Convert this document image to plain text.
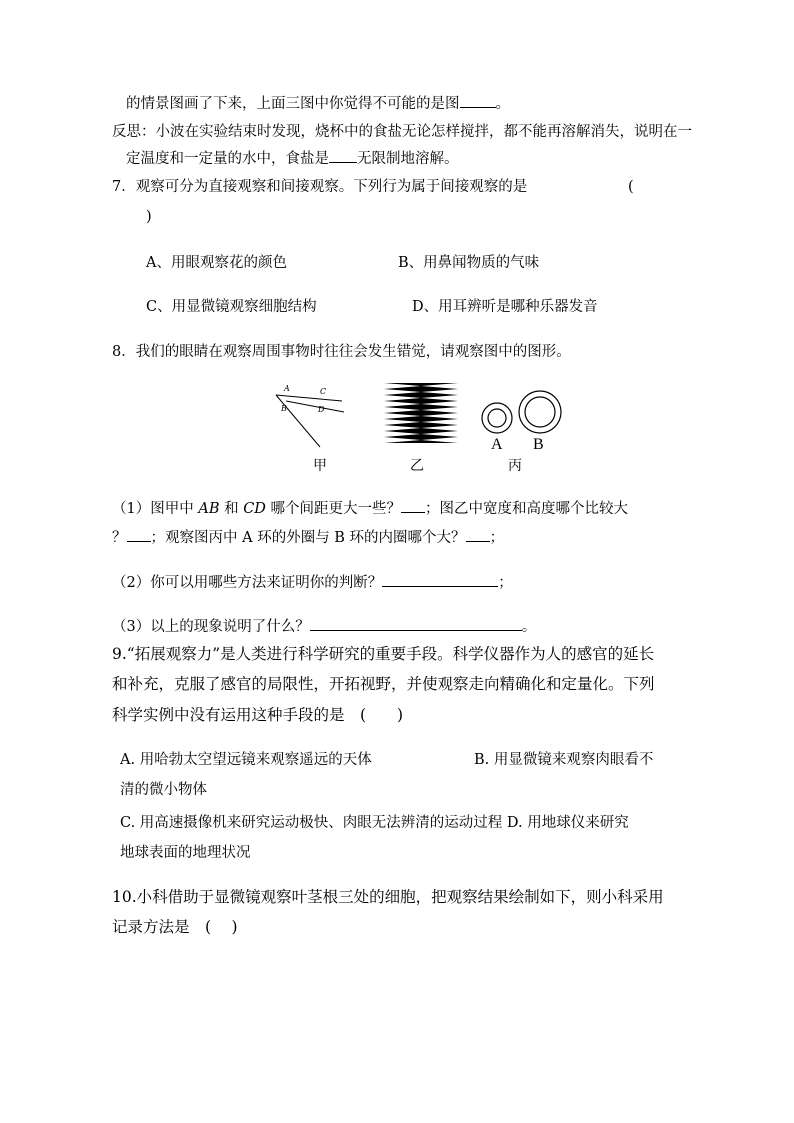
的情景图画了下来，上面三图中你觉得不可能的是图 。
反思：小波在实验结束时发现，烧杯中的食盐无论怎样搅拌，都不能再溶解消失，说明在一
定温度和一定量的水中，食盐是 无限制地溶解。
7．观察可分为直接观察和间接观察。下列行为属于间接观察的是	(
)
A、用眼观察花的颜色	B、用鼻闻物质的气味
C、用显微镜观察细胞结构	D、用耳辨听是哪种乐器发音
8．我们的眼睛在观察周围事物时往往会发生错觉，请观察图中的图形。
A
B
C
D
A B
甲	乙	丙
（1）图甲中 AB 和 CD 哪个间距更大一些？ ；图乙中宽度和高度哪个比较大
？ ；观察图丙中 A 环的外圈与 B 环的内圈哪个大？ ；
（2）你可以用哪些方法来证明你的判断？	；
（3）以上的现象说明了什么？	。
9.“拓展观察力”是人类进行科学研究的重要手段。科学仪器作为人的感官的延长
和补充，克服了感官的局限性，开拓视野，并使观察走向精确化和定量化。下列
科学实例中没有运用这种手段的是　(　　)
A. 用哈勃太空望远镜来观察遥远的天体	B. 用显微镜来观察肉眼看不
清的微小物体
C. 用高速摄像机来研究运动极快、肉眼无法辨清的运动过程 D. 用地球仪来研究
地球表面的地理状况
10.小科借助于显微镜观察叶茎根三处的细胞，把观察结果绘制如下，则小科采用
记录方法是　(　 )
